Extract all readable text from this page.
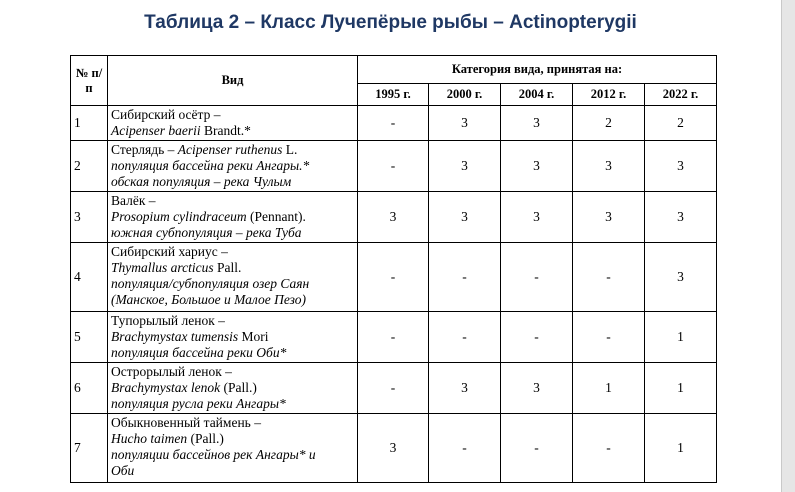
Таблица 2 – Класс Лучепёрые рыбы – Actinopterygii
№ п/п	Вид	Категория вида, принятая на:				
		1995 г.	2000 г.	2004 г.	2012 г.	2022 г.
1	Сибирский осётр –
Acipenser baerii Brandt.*	-	3	3	2	2
2	Стерлядь – Acipenser ruthenus L.
популяция бассейна реки Ангары.*
обская популяция – река Чулым	-	3	3	3	3
3	Валёк –
Prosopium cylindraceum (Pennant).
южная субпопуляция – река Туба	3	3	3	3	3
4	Сибирский хариус –
Thymallus arcticus Pall.
популяция/субпопуляция озер Саян
(Манское, Большое и Малое Пезо)	-	-	-	-	3
5	Тупорылый ленок –
Brachymystax tumensis Mori
популяция бассейна реки Оби*	-	-	-	-	1
6	Острорылый ленок –
Brachymystax lenok (Pall.)
популяция русла реки Ангары*	-	3	3	1	1
7	Обыкновенный таймень –
Hucho taimen (Pall.)
популяции бассейнов рек Ангары* и
Оби	3	-	-	-	1
